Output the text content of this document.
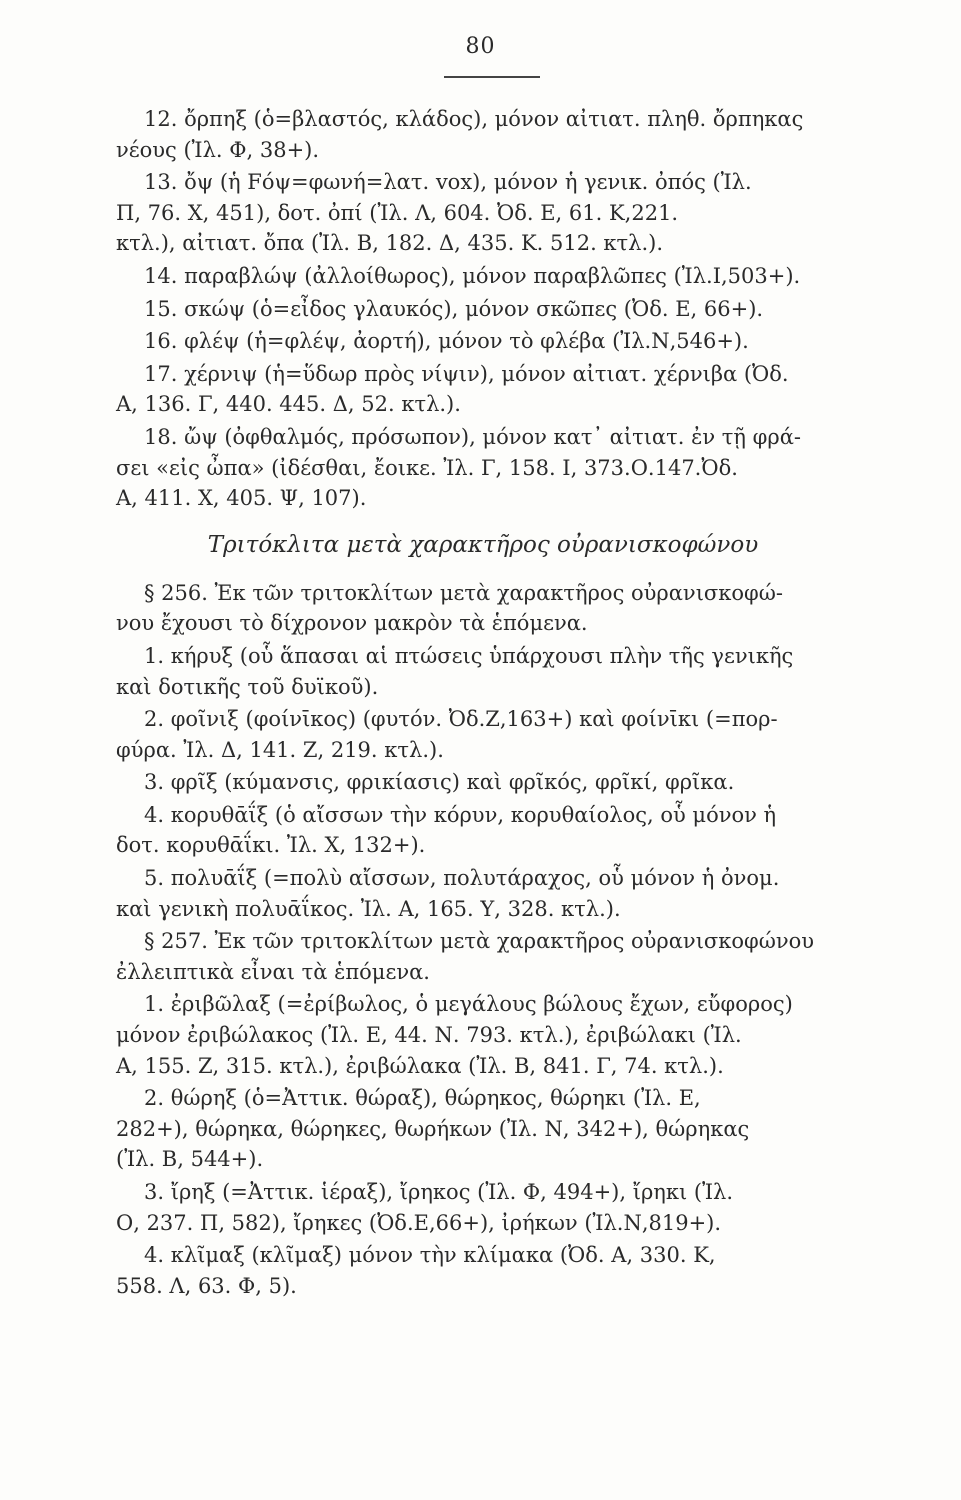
80

12. ὄρπηξ (ὁ=βλαστός, κλάδος), μόνον αἰτιατ. πληθ. ὄρπηκας
νέους (Ἰλ. Φ, 38+).

13. ὄψ (ἡ Fόψ=φωνή=λατ. vox), μόνον ἡ γενικ. ὀπός (Ἰλ.
Π, 76. Χ, 451), δοτ. ὀπί (Ἰλ. Λ, 604. Ὀδ. Ε, 61. Κ,221.
κτλ.), αἰτιατ. ὄπα (Ἰλ. Β, 182. Δ, 435. Κ. 512. κτλ.).

14. παραβλώψ (ἀλλοίθωρος), μόνον παραβλῶπες (Ἰλ.Ι,503+).

15. σκώψ (ὁ=εἶδος γλαυκός), μόνον σκῶπες (Ὀδ. Ε, 66+).

16. φλέψ (ἡ=φλέψ, ἀορτή), μόνον τὸ φλέβα (Ἰλ.Ν,546+).

17. χέρνιψ (ἡ=ὕδωρ πρὸς νίψιν), μόνον αἰτιατ. χέρνιβα (Ὀδ.
Α, 136. Γ, 440. 445. Δ, 52. κτλ.).

18. ὤψ (ὀφθαλμός, πρόσωπον), μόνον κατ᾽ αἰτιατ. ἐν τῇ φρά-
σει «εἰς ὦπα» (ἰδέσθαι, ἔοικε. Ἰλ. Γ, 158. Ι, 373.Ο.147.Ὀδ.
Α, 411. Χ, 405. Ψ, 107).

Τριτόκλιτα μετὰ χαρακτῆρος οὐρανισκοφώνου

§ 256. Ἐκ τῶν τριτοκλίτων μετὰ χαρακτῆρος οὐρανισκοφώ-
νου ἔχουσι τὸ δίχρονον μακρὸν τὰ ἑπόμενα.

1. κήρυξ (οὗ ἅπασαι αἱ πτώσεις ὑπάρχουσι πλὴν τῆς γενικῆς
καὶ δοτικῆς τοῦ δυϊκοῦ).

2. φοῖνιξ (φοίνῑκος) (φυτόν. Ὀδ.Ζ,163+) καὶ φοίνῑκι (=πορ-
φύρα. Ἰλ. Δ, 141. Ζ, 219. κτλ.).

3. φρῖξ (κύμανσις, φρικίασις) καὶ φρῖκός, φρῖκί, φρῖκα.

4. κορυθᾱΐξ (ὁ αἴσσων τὴν κόρυν, κορυθαίολος, οὗ μόνον ἡ
δοτ. κορυθᾱΐκι. Ἰλ. Χ, 132+).

5. πολυᾱΐξ (=πολὺ αἴσσων, πολυτάραχος, οὗ μόνον ἡ ὀνομ.
καὶ γενικὴ πολυᾱΐκος. Ἰλ. Α, 165. Υ, 328. κτλ.).

§ 257. Ἐκ τῶν τριτοκλίτων μετὰ χαρακτῆρος οὐρανισκοφώνου
ἐλλειπτικὰ εἶναι τὰ ἑπόμενα.

1. ἐριβῶλαξ (=ἐρίβωλος, ὁ μεγάλους βώλους ἔχων, εὔφορος)
μόνον ἐριβώλακος (Ἰλ. Ε, 44. Ν. 793. κτλ.), ἐριβώλακι (Ἰλ.
Α, 155. Ζ, 315. κτλ.), ἐριβώλακα (Ἰλ. Β, 841. Γ, 74. κτλ.).

2. θώρηξ (ὁ=Ἀττικ. θώραξ), θώρηκος, θώρηκι (Ἰλ. Ε,
282+), θώρηκα, θώρηκες, θωρήκων (Ἰλ. Ν, 342+), θώρηκας
(Ἰλ. Β, 544+).

3. ἴρηξ (=Ἀττικ. ἱέραξ), ἴρηκος (Ἰλ. Φ, 494+), ἴρηκι (Ἰλ.
Ο, 237. Π, 582), ἴρηκες (Ὀδ.Ε,66+), ἰρήκων (Ἰλ.Ν,819+).

4. κλῖμαξ (κλῖμαξ) μόνον τὴν κλίμακα (Ὀδ. Α, 330. Κ,
558. Λ, 63. Φ, 5).
